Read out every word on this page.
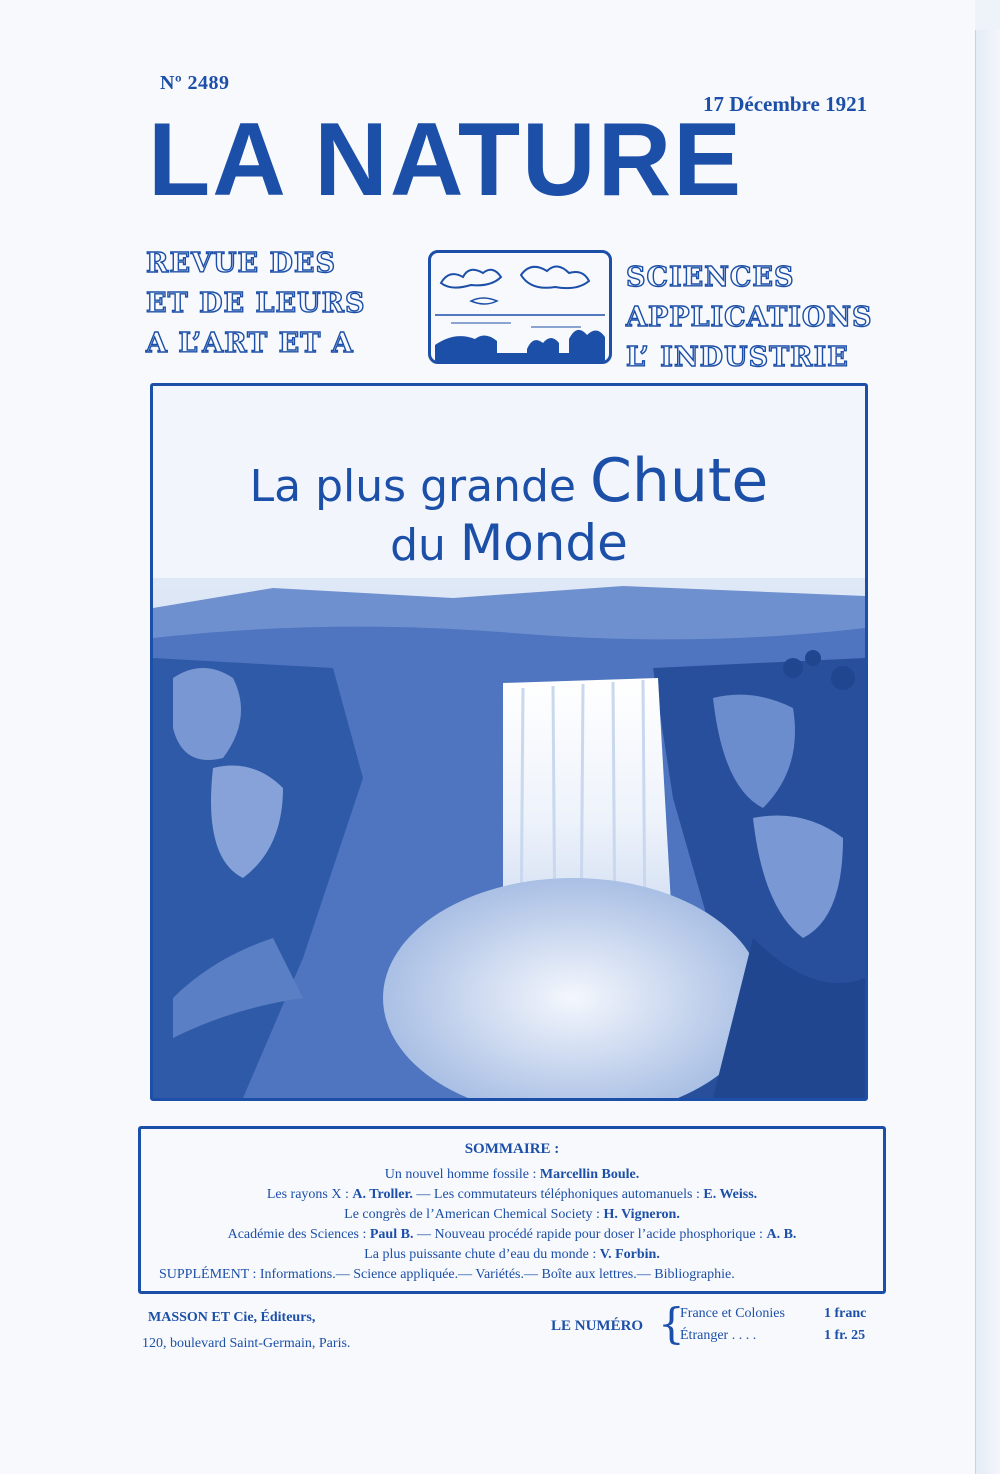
Nº 2489
17 Décembre 1921
LA NATURE
REVUE DES
ET DE LEURS
A L’ART ET A
SCIENCES
APPLICATIONS
L’ INDUSTRIE
La plus grande Chute
du Monde
SOMMAIRE :
Un nouvel homme fossile : Marcellin Boule.
Les rayons X : A. Troller. — Les commutateurs téléphoniques automanuels : E. Weiss.
Le congrès de l’American Chemical Society : H. Vigneron.
Académie des Sciences : Paul B. — Nouveau procédé rapide pour doser l’acide phosphorique : A. B.
La plus puissante chute d’eau du monde : V. Forbin.
SUPPLÉMENT : Informations.— Science appliquée.— Variétés.— Boîte aux lettres.— Bibliographie.
MASSON ET Cie, Éditeurs,
120, boulevard Saint-Germain, Paris.
LE NUMÉRO {
France et Colonies	1 franc
Étranger . . . .	1 fr. 25
